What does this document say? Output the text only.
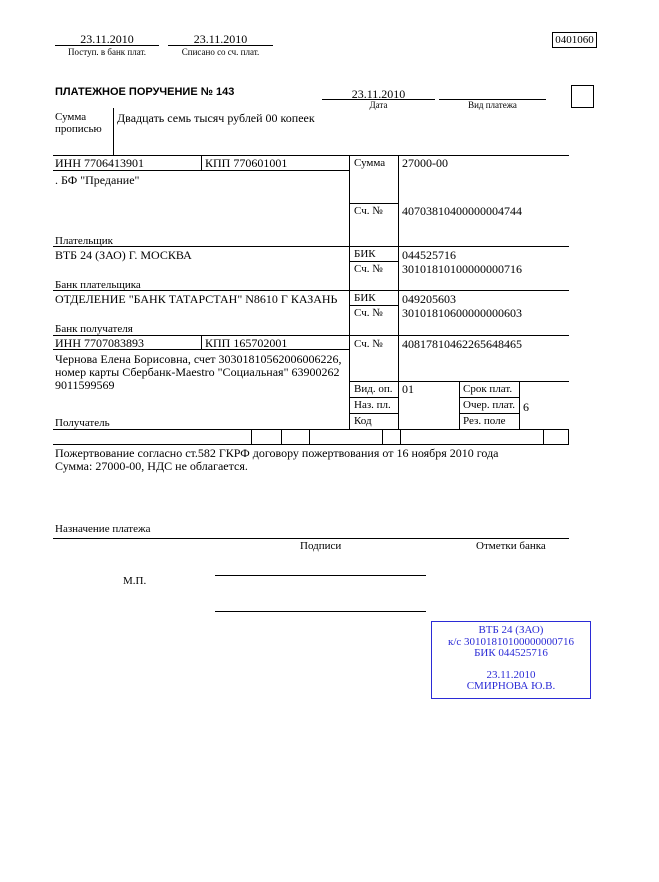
23.11.2010
Поступ. в банк плат.
23.11.2010
Списано со сч. плат.
0401060
ПЛАТЕЖНОЕ ПОРУЧЕНИЕ № 143	23.11.2010
Дата	Вид платежа
Сумма
прописью
Двадцать семь тысяч рублей 00 копеек
ИНН 7706413901	КПП 770601001
. БФ "Предание"
Плательщик
Сумма 27000-00
Сч. № 40703810400000004744
ВТБ 24 (ЗАО) Г. МОСКВА
Банк плательщика
БИК 044525716
Сч. № 30101810100000000716
ОТДЕЛЕНИЕ "БАНК ТАТАРСТАН" N8610 Г КАЗАНЬ
Банк получателя
БИК 049205603
Сч. № 30101810600000000603
ИНН 7707083893	КПП 165702001	Сч. № 40817810462265648465
Чернова Елена Борисовна, счет 30301810562006006226,
номер карты Сбербанк-Maestro "Социальная" 63900262
9011599569
Получатель
Вид. оп. 01
Наз. пл.
Код
Срок плат.
Очер. плат. 6
Рез. поле
Пожертвование согласно ст.582 ГКРФ договору пожертвования от 16 ноября 2010 года
Сумма: 27000-00, НДС не облагается.
Назначение платежа
Подписи	Отметки банка
М.П.
ВТБ 24 (ЗАО)
к/с 30101810100000000716
БИК 044525716
23.11.2010
СМИРНОВА Ю.В.
